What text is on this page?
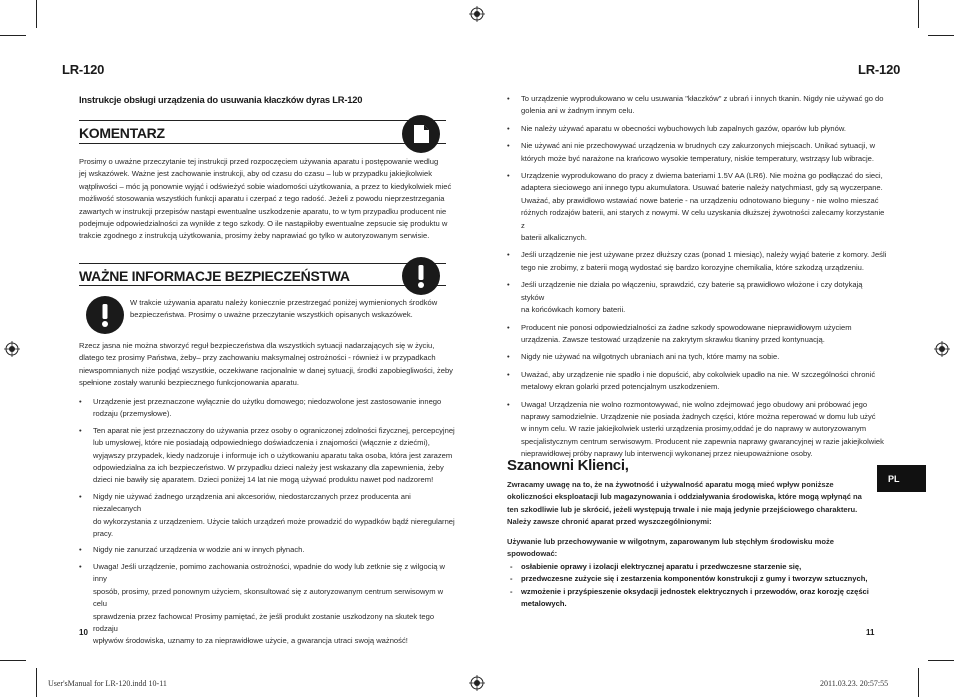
LR-120
Instrukcje obsługi urządzenia do usuwania kłaczków dyras LR-120
KOMENTARZ
Prosimy o uważne przeczytanie tej instrukcji przed rozpoczęciem używania aparatu i postępowanie wedlug
jej wskazówek. Ważne jest zachowanie instrukcji, aby od czasu do czasu – lub w przypadku jakiejkolwiek
wątpliwości – móc ją ponownie wyjąć i odświeżyć sobie wiadomości użytkowania, a przez to kiedykolwiek mieć
możliwość stosowania wszystkich funkcji aparatu i czerpać z tego radość. Jeżeli z powodu nieprzestrzegania
zawartych w instrukcji przepisów nastąpi ewentualne uszkodzenie aparatu, to w tym przypadku producent nie
podejmuje odpowiedzialności za wynikłe z tego szkody. O ile nastąpiłoby ewentualne zepsucie się produktu w
trakcie zgodnego z instrukcją użytkowania, prosimy żeby naprawiać go tylko w autoryzowanym serwisie.
WAŻNE INFORMACJE BEZPIECZEŃSTWA
W trakcie używania aparatu należy koniecznie przestrzegać poniżej wymienionych środków
bezpieczeństwa. Prosimy o uważne przeczytanie wszystkich opisanych wskazówek.
Rzecz jasna nie można stworzyć reguł bezpieczeństwa dla wszystkich sytuacji nadarzających się w życiu,
dlatego tez prosimy Państwa, żeby– przy zachowaniu maksymalnej ostrożności - również i w przypadkach
niewspomnianych niże podjąć wszystkie, oczekiwane racjonalnie w danej sytuacji, środki zapobiegliwości, żeby
spełnione zostały warunki bezpiecznego funkcjonowania aparatu.
• Urządzenie jest przeznaczone wyłącznie do użytku domowego; niedozwolone jest zastosowanie innego
rodzaju (przemysłowe).
• Ten aparat nie jest przeznaczony do używania przez osoby o ograniczonej zdolności fizycznej, percepcyjnej
lub umysłowej, które nie posiadają odpowiedniego doświadczenia i znajomości (włącznie z dziećmi),
wyjąwszy przypadek, kiedy nadzoruje i informuje ich o użytkowaniu aparatu taka osoba, która jest zarazem
odpowiedzialna za ich bezpieczeństwo. W przypadku dzieci należy jest wskazany dla zapewnienia, żeby
dzieci nie bawiły się aparatem. Dzieci poniżej 14 lat nie mogą używać produktu nawet pod nadzorem!
• Nigdy nie używać żadnego urządzenia ani akcesoriów, niedostarczanych przez producenta ani niezalecanych
do wykorzystania z urządzeniem. Użycie takich urządzeń może prowadzić do wypadków bądź nieregularnej
pracy.
• Nigdy nie zanurzać urządzenia w wodzie ani w innych płynach.
• Uwaga! Jeśli urządzenie, pomimo zachowania ostrożności, wpadnie do wody lub zetknie się z wilgocią w inny
sposób, prosimy, przed ponownym użyciem, skonsultować się z autoryzowanym centrum serwisowym w celu
sprawdzenia przez fachowca! Prosimy pamiętać, że jeśli produkt zostanie uszkodzony na skutek tego rodzaju
wpływów środowiska, uznamy to za nieprawidłowe użycie, a gwarancja utraci swoją ważność!
10
LR-120
• To urządzenie wyprodukowano w celu usuwania "kłaczków" z ubrań i innych tkanin. Nigdy nie używać go do
golenia ani w żadnym innym celu.
• Nie należy używać aparatu w obecności wybuchowych lub zapalnych gazów, oparów lub płynów.
• Nie używać ani nie przechowywać urządzenia w brudnych czy zakurzonych miejscach. Unikać sytuacji, w
których może być narażone na krańcowo wysokie temperatury, niskie temperatury, wstrząsy lub wibracje.
• Urządzenie wyprodukowano do pracy z dwiema bateriami 1.5V AA (LR6). Nie można go podłączać do sieci,
adaptera sieciowego ani innego typu akumulatora. Usuwać baterie należy natychmiast, gdy są wyczerpane.
Uważać, aby prawidłowo wstawiać nowe baterie - na urządzeniu odnotowano bieguny - nie wolno mieszać
różnych rodzajów baterii, ani starych z nowymi. W celu uzyskania dłuższej żywotności zalecamy korzystanie z
baterii alkalicznych.
• Jeśli urządzenie nie jest używane przez dłuższy czas (ponad 1 miesiąc), należy wyjąć baterie z komory. Jeśli
tego nie zrobimy, z baterii mogą wydostać się bardzo korozyjne chemikalia, które szkodzą urządzeniu.
• Jeśli urządzenie nie działa po włączeniu, sprawdzić, czy baterie są prawidłowo włożone i czy dotykają styków
na końcówkach komory baterii.
• Producent nie ponosi odpowiedzialności za żadne szkody spowodowane nieprawidłowym użyciem
urządzenia. Zawsze testować urządzenie na zakrytym skrawku tkaniny przed kontynuacją.
• Nigdy nie używać na wilgotnych ubraniach ani na tych, które mamy na sobie.
• Uważać, aby urządzenie nie spadło i nie dopuścić, aby cokolwiek upadło na nie. W szczególności chronić
metalowy ekran golarki przed potencjalnym uszkodzeniem.
• Uwaga! Urządzenia nie wolno rozmontowywać, nie wolno zdejmować jego obudowy ani próbować jego
naprawy samodzielnie. Urządzenie nie posiada żadnych części, które można reperować w domu lub użyć
w innym celu. W razie jakiejkolwiek usterki urządzenia prosimy,oddać je do naprawy w autoryzowanym
specjalistycznym centrum serwisowym. Producent nie zapewnia naprawy gwarancyjnej w razie jakiejkolwiek
nieprawidłowej próby naprawy lub interwencji wykonanej przez nieupoważnione osoby.
Szanowni Klienci,
Zwracamy uwagę na to, że na żywotność i używalność aparatu mogą mieć wpływ poniższe
okoliczności eksploatacji lub magazynowania i oddziaływania środowiska, które mogą wpłynąć na
ten szkodliwie lub je skrócić, jeżeli występują trwale i nie mają jedynie przejściowego charakteru.
Należy zawsze chronić aparat przed wyszczególnionymi:
Używanie lub przechowywanie w wilgotnym, zaparowanym lub stęchłym środowisku może
spowodować:
- osłabienie oprawy i izolacji elektrycznej aparatu i przedwczesne starzenie się,
- przedwczesne zużycie się i zestarzenia komponentów konstrukcji z gumy i tworzyw sztucznych,
- wzmożenie i przyśpieszenie oksydacji jednostek elektrycznych i przewodów, oraz korozję części
metalowych.
PL
11
User'sManual for LR-120.indd 10-11	2011.03.23. 20:57:55
